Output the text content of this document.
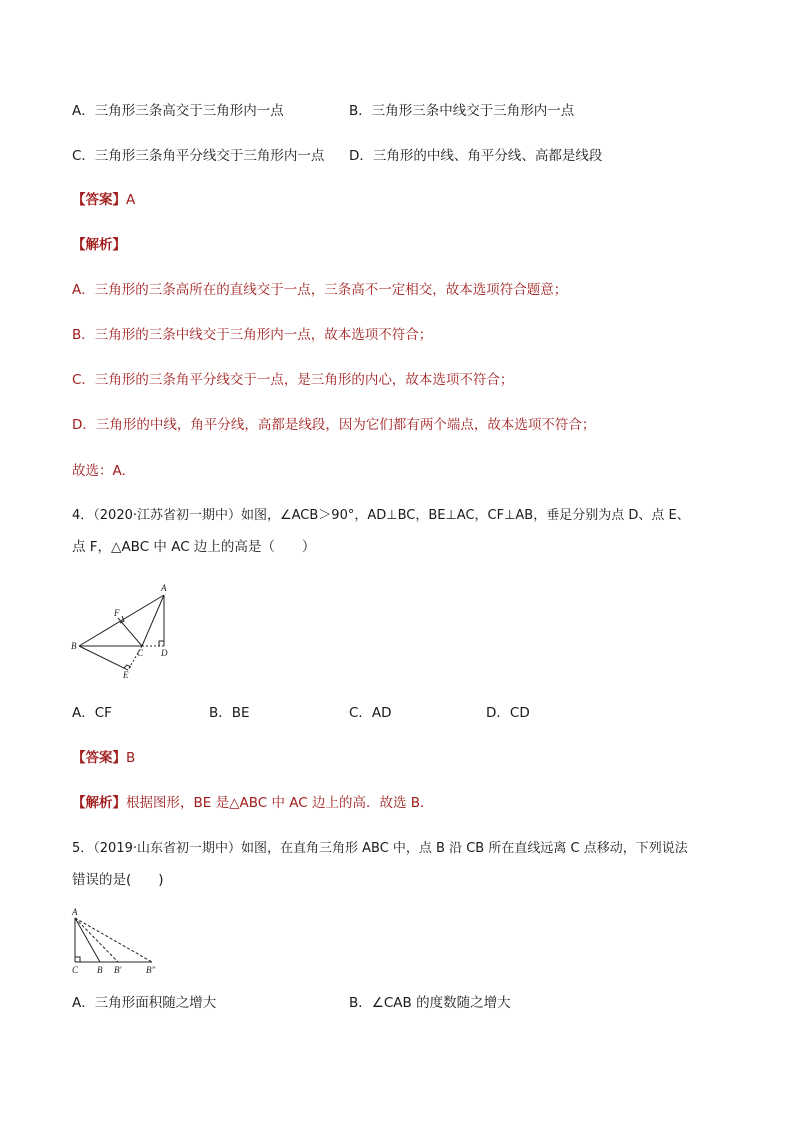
A．三角形三条高交于三角形内一点	B．三角形三条中线交于三角形内一点
C．三角形三条角平分线交于三角形内一点 D．三角形的中线、角平分线、高都是线段
【答案】A
【解析】
A．三角形的三条高所在的直线交于一点，三条高不一定相交，故本选项符合题意；
B．三角形的三条中线交于三角形内一点，故本选项不符合；
C．三角形的三条角平分线交于一点，是三角形的内心，故本选项不符合；
D．三角形的中线，角平分线，高都是线段，因为它们都有两个端点，故本选项不符合；
故选：A.
4．（2020·江苏省初一期中）如图，∠ACB＞90°，AD⊥BC，BE⊥AC，CF⊥AB，垂足分别为点 D、点 E、
点 F，△ABC 中 AC 边上的高是（　　）
A
B
C D
E
F
A．CF	B．BE	C．AD	D．CD
【答案】B
【解析】根据图形，BE 是△ABC 中 AC 边上的高．故选 B．
5．（2019·山东省初一期中）如图，在直角三角形 ABC 中，点 B 沿 CB 所在直线远离 C 点移动，下列说法
错误的是(　　)
A
C B B′	B″
A．三角形面积随之增大	B．∠CAB 的度数随之增大
